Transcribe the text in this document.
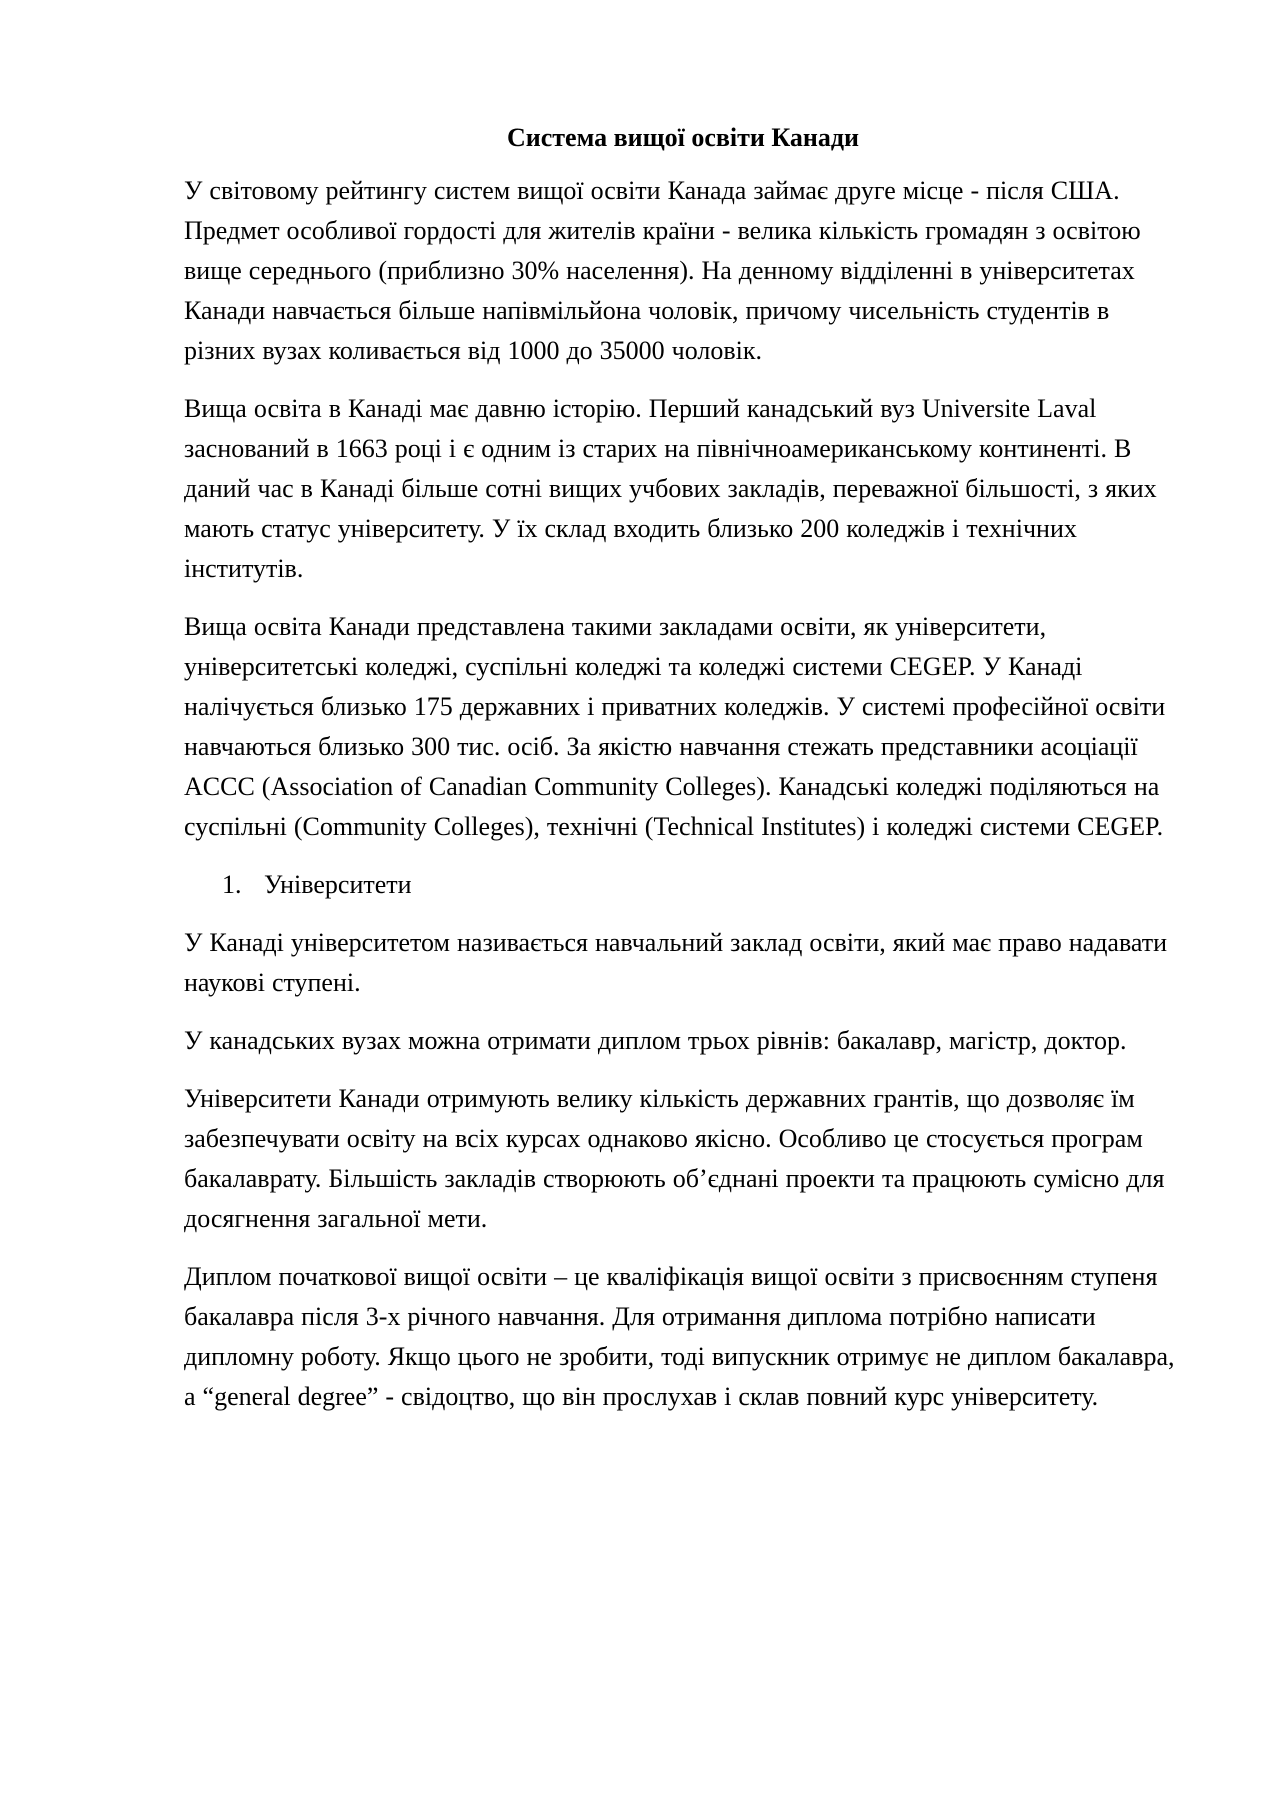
Система вищої освіти Канади

У світовому рейтингу систем вищої освіти Канада займає друге місце - після США. Предмет особливої гордості для жителів країни - велика кількість громадян з освітою вище середнього (приблизно 30% населення). На денному відділенні в університетах Канади навчається більше напівмільйона чоловік, причому чисельність студентів в різних вузах коливається від 1000 до 35000 чоловік.

Вища освіта в Канаді має давню історію. Перший канадський вуз Universite Laval заснований в 1663 році і є одним із старих на північноамериканському континенті. В даний час в Канаді більше сотні вищих учбових закладів, переважної більшості, з яких мають статус університету. У їх склад входить близько 200 коледжів і технічних інститутів.

Вища освіта Канади представлена такими закладами освіти, як університети, університетські коледжі, суспільні коледжі та коледжі системи CEGEP. У Канаді налічується близько 175 державних і приватних коледжів. У системі професійної освіти навчаються близько 300 тис. осіб. За якістю навчання стежать представники асоціації ACCC (Association of Canadian Community Colleges). Канадські коледжі поділяються на суспільні (Community Colleges), технічні (Technical Institutes) і коледжі системи CEGEP.

1. Університети

У Канаді університетом називається навчальний заклад освіти, який має право надавати наукові ступені.

У канадських вузах можна отримати диплом трьох рівнів: бакалавр, магістр, доктор.

Університети Канади отримують велику кількість державних грантів, що дозволяє їм забезпечувати освіту на всіх курсах однаково якісно. Особливо це стосується програм бакалаврату. Більшість закладів створюють об’єднані проекти та працюють сумісно для досягнення загальної мети.

Диплом початкової вищої освіти – це кваліфікація вищої освіти з присвоєнням ступеня бакалавра після 3-х річного навчання. Для отримання диплома потрібно написати дипломну роботу. Якщо цього не зробити, тоді випускник отримує не диплом бакалавра, а “general degree” - свідоцтво, що він прослухав і склав повний курс університету.
